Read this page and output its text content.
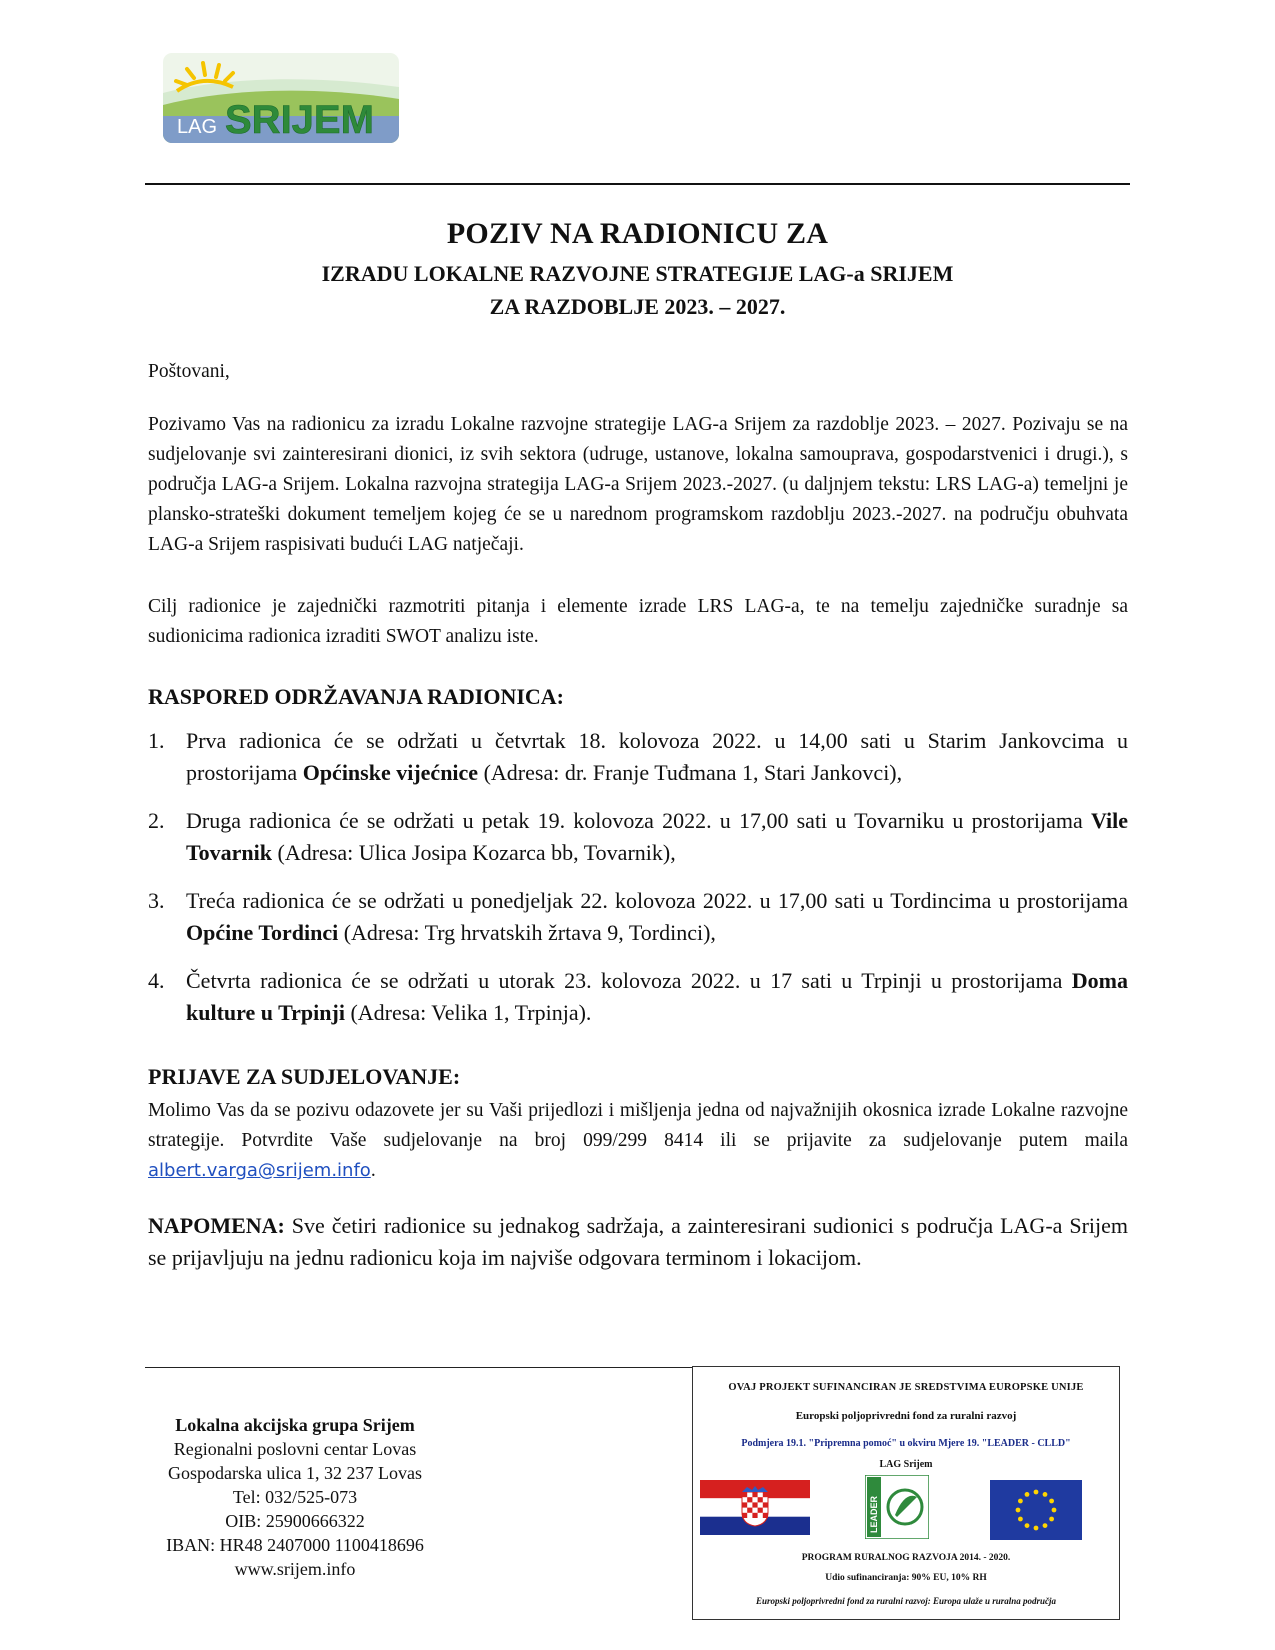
LAG SRIJEM
POZIV NA RADIONICU ZA
IZRADU LOKALNE RAZVOJNE STRATEGIJE LAG-a SRIJEM
ZA RAZDOBLJE 2023. – 2027.
Poštovani,
Pozivamo Vas na radionicu za izradu Lokalne razvojne strategije LAG-a Srijem za razdoblje 2023. – 2027. Pozivaju se na sudjelovanje svi zainteresirani dionici, iz svih sektora (udruge, ustanove, lokalna samouprava, gospodarstvenici i drugi.), s područja LAG-a Srijem. Lokalna razvojna strategija LAG-a Srijem 2023.-2027. (u daljnjem tekstu: LRS LAG-a) temeljni je plansko-strateški dokument temeljem kojeg će se u narednom programskom razdoblju 2023.-2027. na području obuhvata LAG-a Srijem raspisivati budući LAG natječaji.
Cilj radionice je zajednički razmotriti pitanja i elemente izrade LRS LAG-a, te na temelju zajedničke suradnje sa sudionicima radionica izraditi SWOT analizu iste.
RASPORED ODRŽAVANJA RADIONICA:
1. Prva radionica će se održati u četvrtak 18. kolovoza 2022. u 14,00 sati u Starim Jankovcima u prostorijama Općinske vijećnice (Adresa: dr. Franje Tuđmana 1, Stari Jankovci),
2. Druga radionica će se održati u petak 19. kolovoza 2022. u 17,00 sati u Tovarniku u prostorijama Vile Tovarnik (Adresa: Ulica Josipa Kozarca bb, Tovarnik),
3. Treća radionica će se održati u ponedjeljak 22. kolovoza 2022. u 17,00 sati u Tordincima u prostorijama Općine Tordinci (Adresa: Trg hrvatskih žrtava 9, Tordinci),
4. Četvrta radionica će se održati u utorak 23. kolovoza 2022. u 17 sati u Trpinji u prostorijama Doma kulture u Trpinji (Adresa: Velika 1, Trpinja).
PRIJAVE ZA SUDJELOVANJE:
Molimo Vas da se pozivu odazovete jer su Vaši prijedlozi i mišljenja jedna od najvažnijih okosnica izrade Lokalne razvojne strategije. Potvrdite Vaše sudjelovanje na broj 099/299 8414 ili se prijavite za sudjelovanje putem maila albert.varga@srijem.info.
NAPOMENA: Sve četiri radionice su jednakog sadržaja, a zainteresirani sudionici s područja LAG-a Srijem se prijavljuju na jednu radionicu koja im najviše odgovara terminom i lokacijom.
Lokalna akcijska grupa Srijem
Regionalni poslovni centar Lovas
Gospodarska ulica 1, 32 237 Lovas
Tel: 032/525-073
OIB: 25900666322
IBAN: HR48 2407000 1100418696
www.srijem.info
OVAJ PROJEKT SUFINANCIRAN JE SREDSTVIMA EUROPSKE UNIJE
Europski poljoprivredni fond za ruralni razvoj
Podmjera 19.1. "Pripremna pomoć" u okviru Mjere 19. "LEADER - CLLD"
LAG Srijem
LEADER
PROGRAM RURALNOG RAZVOJA 2014. - 2020.
Udio sufinanciranja: 90% EU, 10% RH
Europski poljoprivredni fond za ruralni razvoj: Europa ulaže u ruralna područja
